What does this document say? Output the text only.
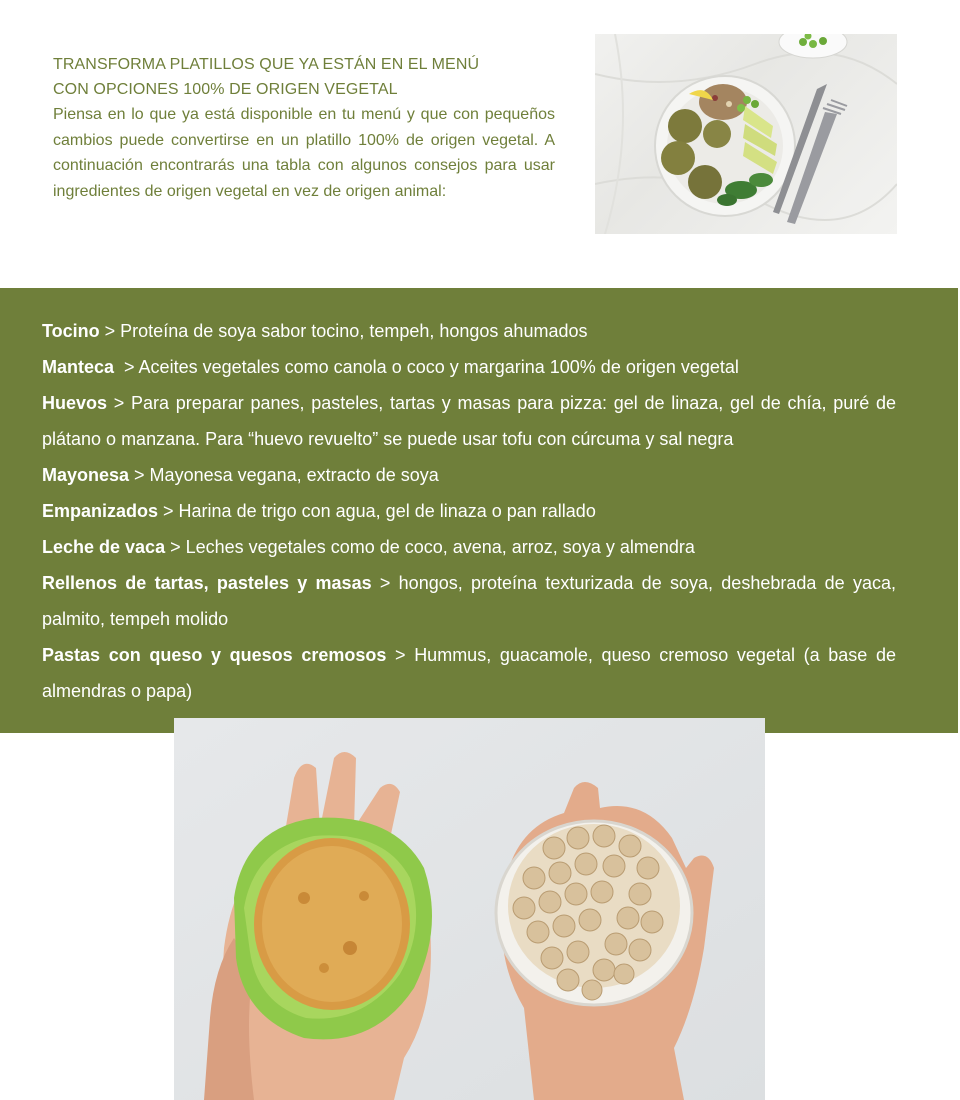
TRANSFORMA PLATILLOS QUE YA ESTÁN EN EL MENÚ
CON OPCIONES 100% DE ORIGEN VEGETAL

Piensa en lo que ya está disponible en tu menú y que con pequeños cambios puede convertirse en un platillo 100% de origen vegetal. A continuación encontrarás una tabla con algunos consejos para usar ingredientes de origen vegetal en vez de origen animal:

Tocino > Proteína de soya sabor tocino, tempeh, hongos ahumados

Manteca  > Aceites vegetales como canola o coco y margarina 100% de origen vegetal

Huevos > Para preparar panes, pasteles, tartas y masas para pizza: gel de linaza, gel de chía, puré de plátano o manzana. Para “huevo revuelto” se puede usar tofu con cúrcuma y sal negra

Mayonesa > Mayonesa vegana, extracto de soya

Empanizados > Harina de trigo con agua, gel de linaza o pan rallado

Leche de vaca > Leches vegetales como de coco, avena, arroz, soya y almendra

Rellenos de tartas, pasteles y masas > hongos, proteína texturizada de soya, deshebrada de yaca, palmito, tempeh molido

Pastas con queso y quesos cremosos > Hummus, guacamole, queso cremoso vegetal (a base de almendras o papa)
